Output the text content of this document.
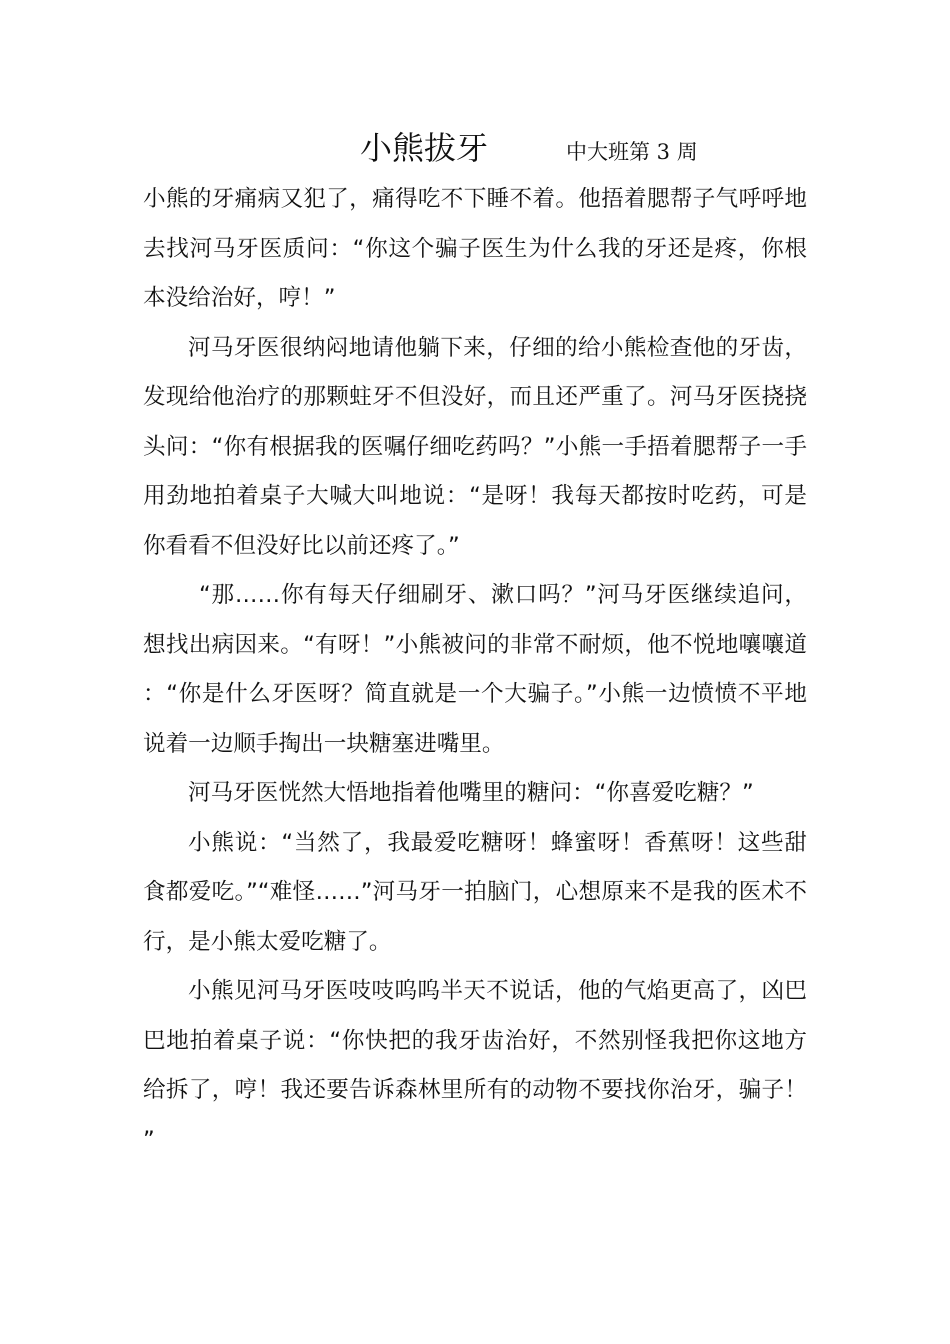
小熊拔牙	中大班第 3 周

小熊的牙痛病又犯了，痛得吃不下睡不着。他捂着腮帮子气呼呼地去找河马牙医质问：“你这个骗子医生为什么我的牙还是疼，你根本没给治好，哼！”

河马牙医很纳闷地请他躺下来，仔细的给小熊检查他的牙齿，发现给他治疗的那颗蛀牙不但没好，而且还严重了。河马牙医挠挠头问：“你有根据我的医嘱仔细吃药吗？”小熊一手捂着腮帮子一手用劲地拍着桌子大喊大叫地说：“是呀！我每天都按时吃药，可是你看看不但没好比以前还疼了。”

“那……你有每天仔细刷牙、漱口吗？”河马牙医继续追问，想找出病因来。“有呀！”小熊被问的非常不耐烦，他不悦地嚷嚷道：“你是什么牙医呀？简直就是一个大骗子。”小熊一边愤愤不平地说着一边顺手掏出一块糖塞进嘴里。

河马牙医恍然大悟地指着他嘴里的糖问：“你喜爱吃糖？”

小熊说：“当然了，我最爱吃糖呀！蜂蜜呀！香蕉呀！这些甜食都爱吃。”“难怪……”河马牙一拍脑门，心想原来不是我的医术不行，是小熊太爱吃糖了。

小熊见河马牙医吱吱呜呜半天不说话，他的气焰更高了，凶巴巴地拍着桌子说：“你快把的我牙齿治好，不然别怪我把你这地方给拆了，哼！我还要告诉森林里所有的动物不要找你治牙，骗子！”
